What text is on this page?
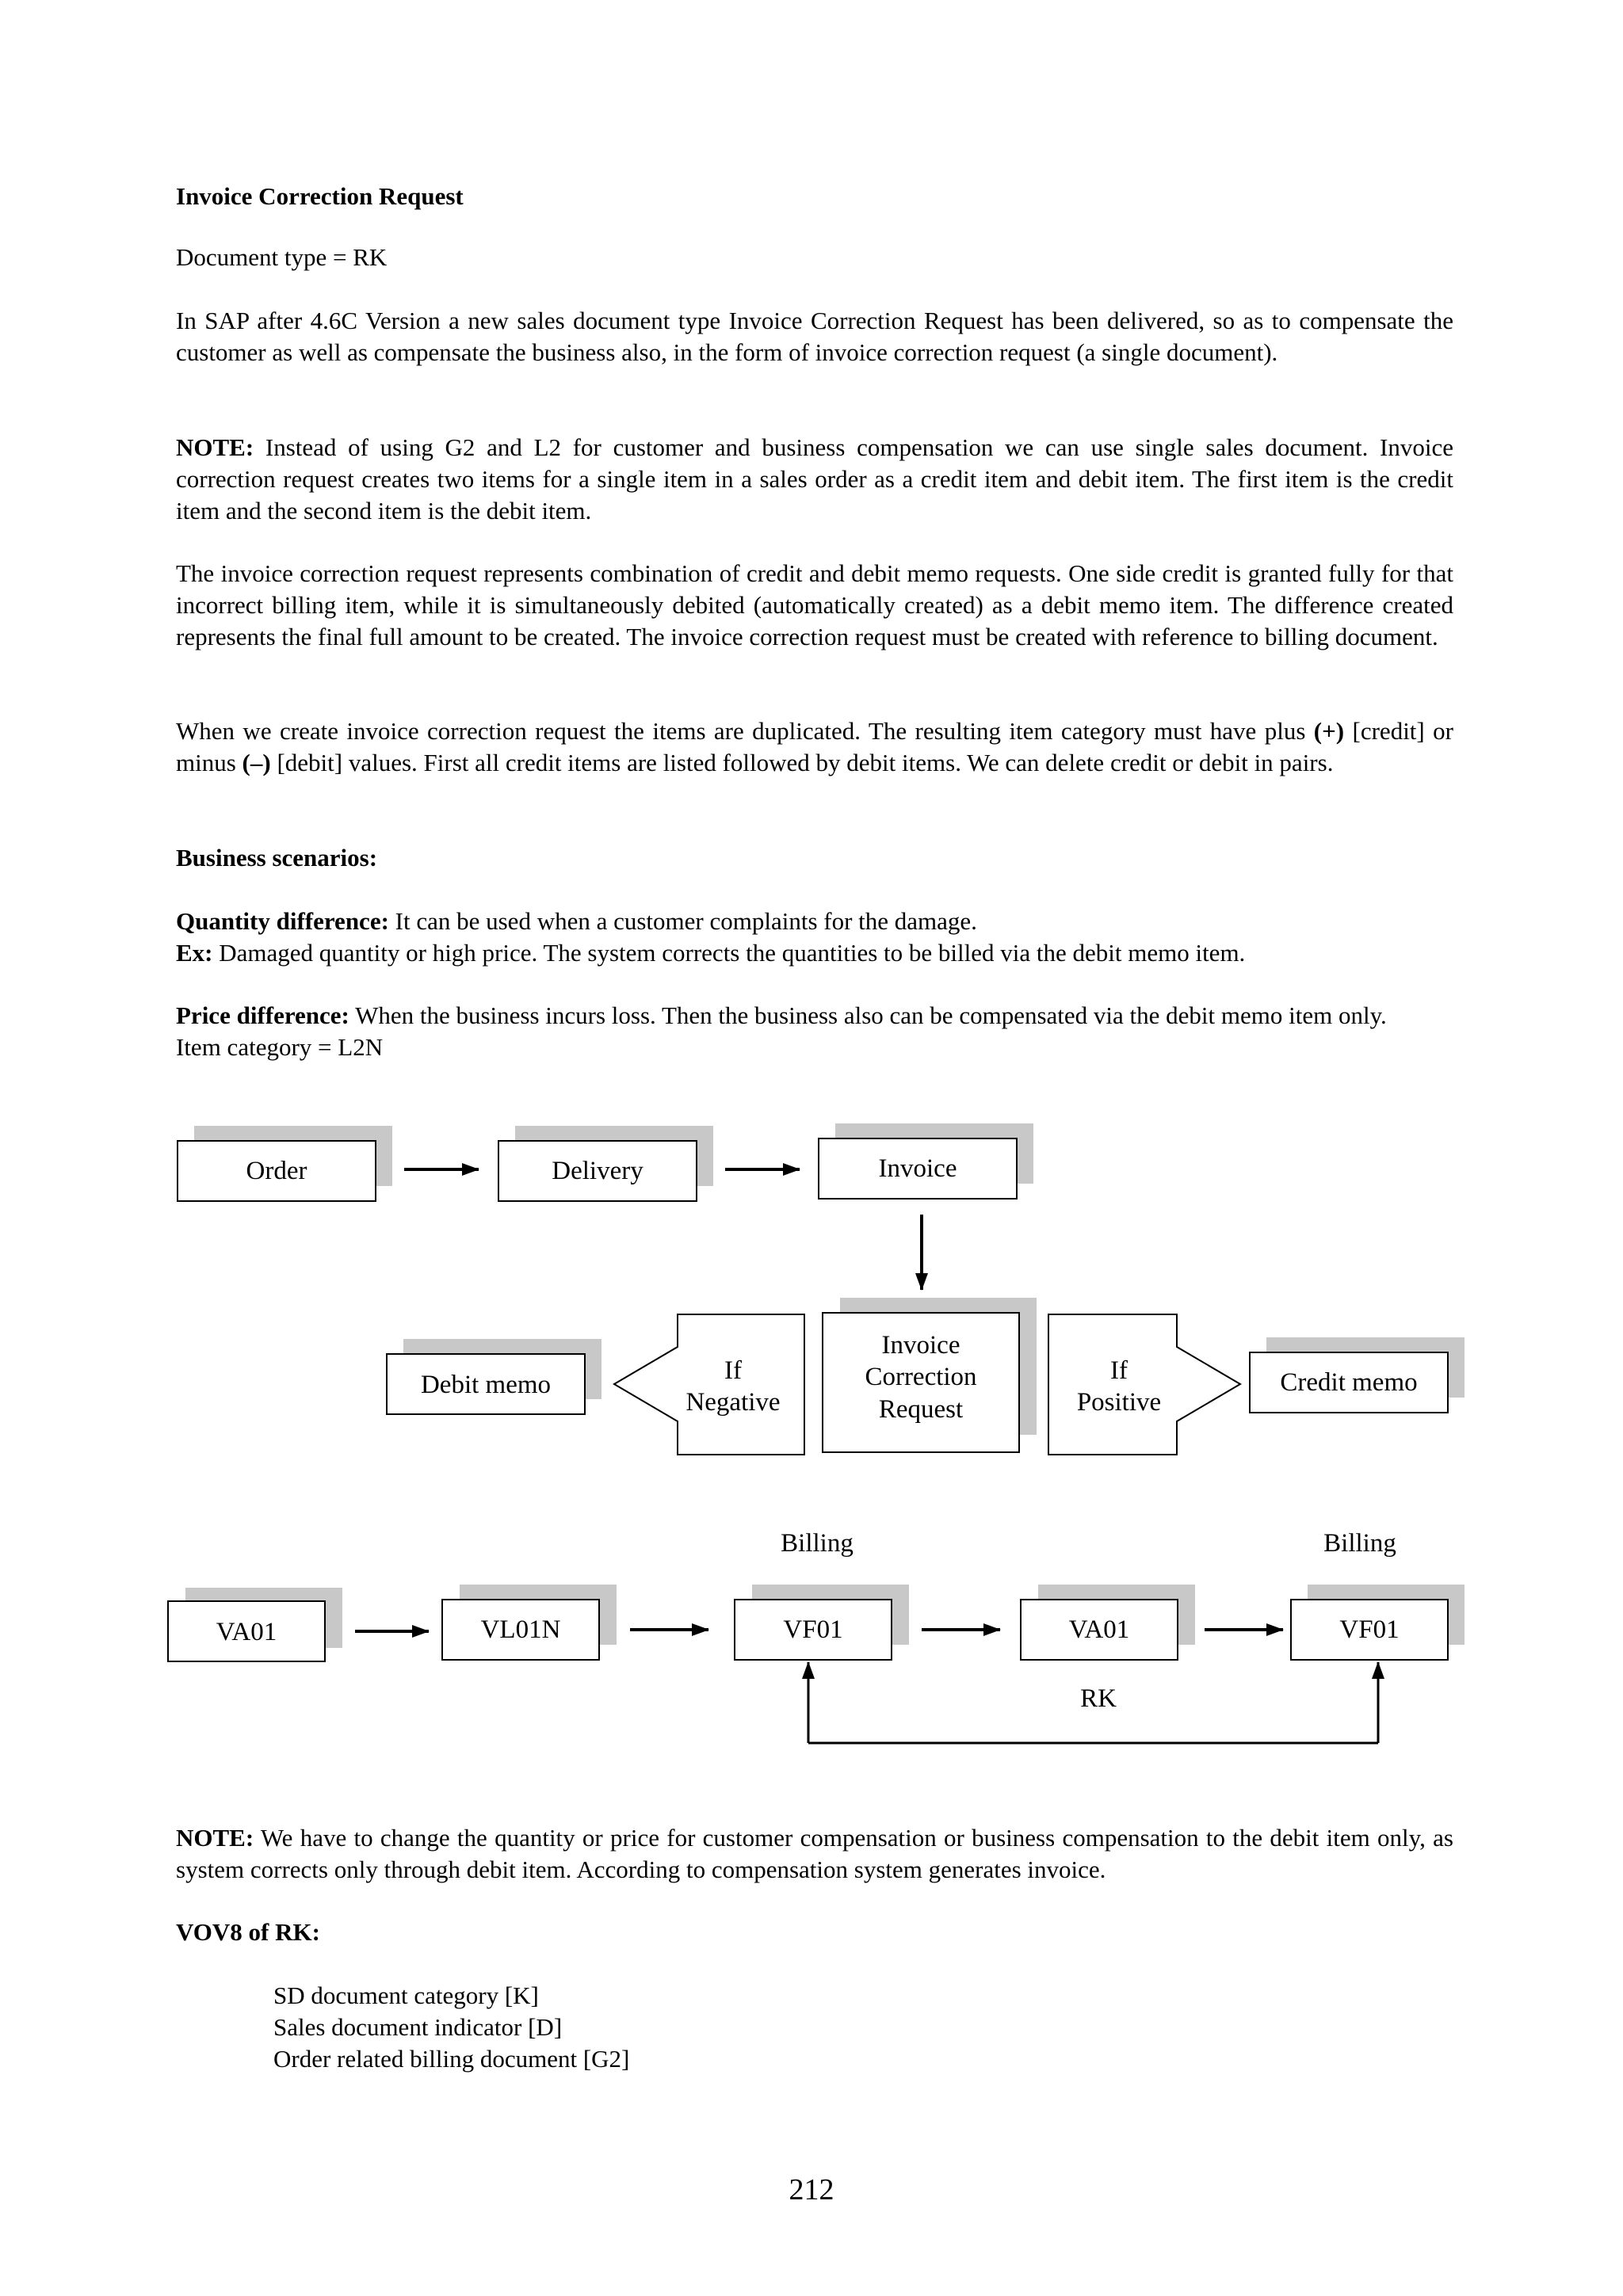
Invoice Correction Request

Document type = RK

In SAP after 4.6C Version a new sales document type Invoice Correction Request has been delivered, so as to compensate the customer as well as compensate the business also, in the form of invoice correction request (a single document).

NOTE: Instead of using G2 and L2 for customer and business compensation we can use single sales document. Invoice correction request creates two items for a single item in a sales order as a credit item and debit item. The first item is the credit item and the second item is the debit item.

The invoice correction request represents combination of credit and debit memo requests. One side credit is granted fully for that incorrect billing item, while it is simultaneously debited (automatically created) as a debit memo item. The difference created represents the final full amount to be created. The invoice correction request must be created with reference to billing document.

When we create invoice correction request the items are duplicated. The resulting item category must have plus (+) [credit] or minus (–) [debit] values. First all credit items are listed followed by debit items. We can delete credit or debit in pairs.

Business scenarios:

Quantity difference: It can be used when a customer complaints for the damage.
Ex: Damaged quantity or high price. The system corrects the quantities to be billed via the debit memo item.

Price difference: When the business incurs loss. Then the business also can be compensated via the debit memo item only.
Item category = L2N

Order	Delivery	Invoice
Debit memo	If
Negative
Invoice
Correction
Request
If
Positive
Credit memo
Billing	Billing
VA01	VL01N	VF01	VA01	VF01
RK

NOTE: We have to change the quantity or price for customer compensation or business compensation to the debit item only, as system corrects only through debit item. According to compensation system generates invoice.

VOV8 of RK:

SD document category [K]

Sales document indicator [D]

Order related billing document [G2]

212
